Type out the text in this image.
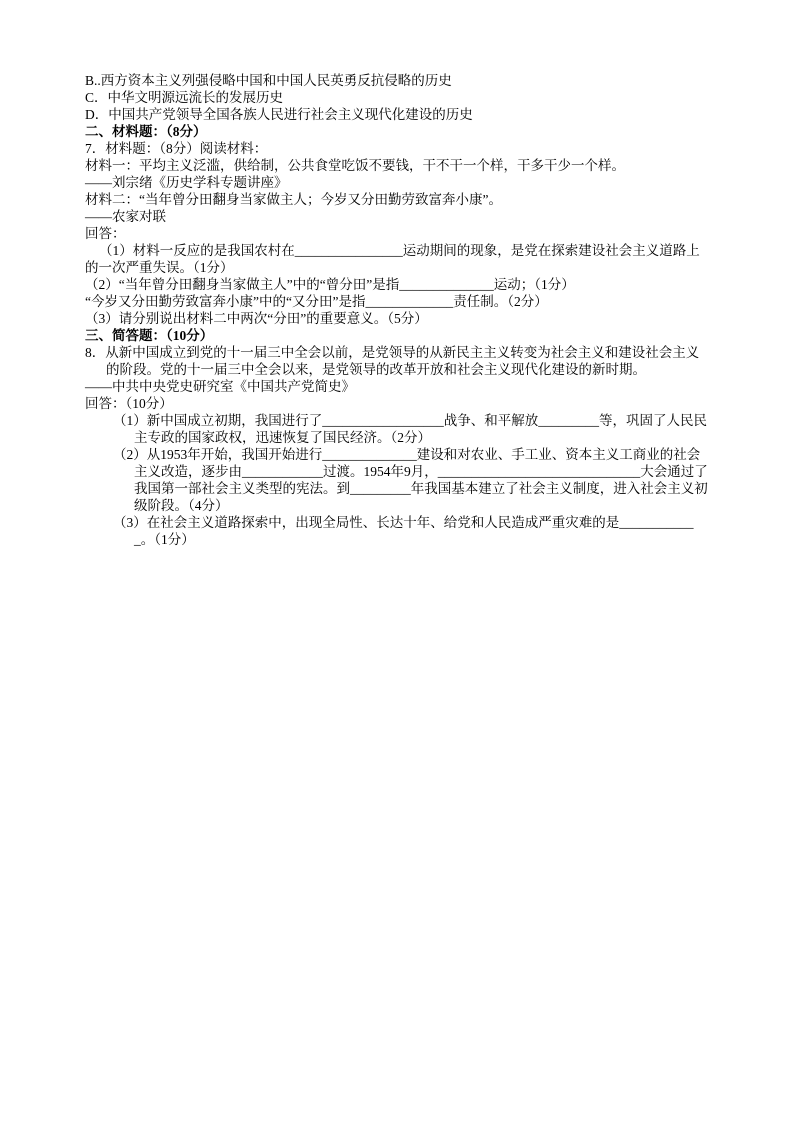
B..西方资本主义列强侵略中国和中国人民英勇反抗侵略的历史

C．中华文明源远流长的发展历史

D．中国共产党领导全国各族人民进行社会主义现代化建设的历史

二、材料题：（8分）

7．材料题：（8分）阅读材料：

材料一：平均主义泛滥，供给制，公共食堂吃饭不要钱，干不干一个样，干多干少一个样。

——刘宗绪《历史学科专题讲座》

材料二：“当年曾分田翻身当家做主人；今岁又分田勤劳致富奔小康”。

——农家对联

回答：

（1）材料一反应的是我国农村在________________运动期间的现象，是党在探索建设社会主义道路上的一次严重失误。（1分）

（2）“当年曾分田翻身当家做主人”中的“曾分田”是指______________运动；（1分）

“今岁又分田勤劳致富奔小康”中的“又分田”是指_____________责任制。（2分）

（3）请分别说出材料二中两次“分田”的重要意义。（5分）

三、简答题：（10分）

8．从新中国成立到党的十一届三中全会以前，是党领导的从新民主主义转变为社会主义和建设社会主义的阶段。党的十一届三中全会以来，是党领导的改革开放和社会主义现代化建设的新时期。

——中共中央党史研究室《中国共产党简史》

回答：（10分）

（1）新中国成立初期，我国进行了__________________战争、和平解放_________等，巩固了人民民主专政的国家政权，迅速恢复了国民经济。（2分）

（2）从1953年开始，我国开始进行______________建设和对农业、手工业、资本主义工商业的社会主义改造，逐步由____________过渡。1954年9月，______________________________大会通过了我国第一部社会主义类型的宪法。到_________年我国基本建立了社会主义制度，进入社会主义初级阶段。（4分）

（3）在社会主义道路探索中，出现全局性、长达十年、给党和人民造成严重灾难的是____________。（1分）
